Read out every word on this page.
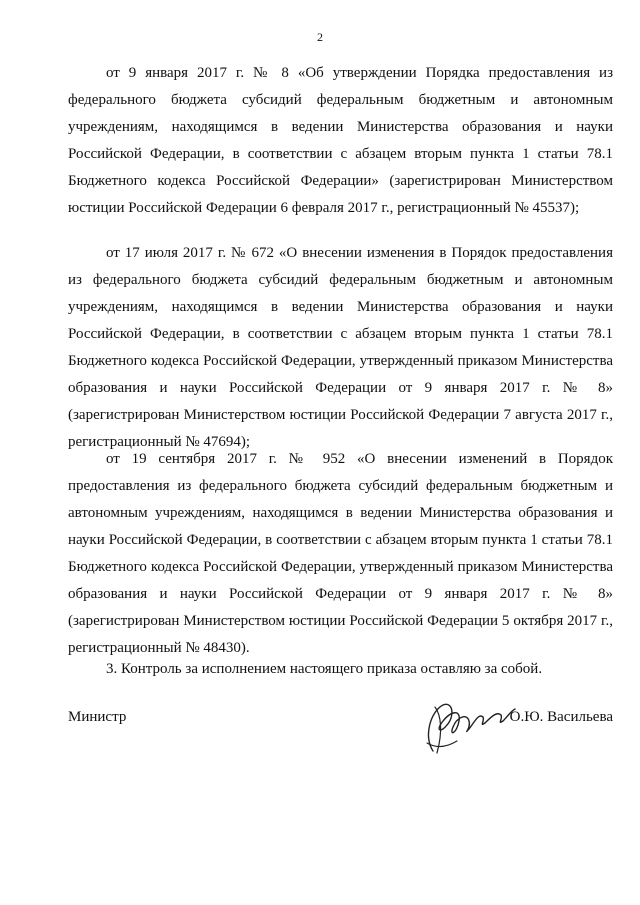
2

от 9 января 2017 г. № 8 «Об утверждении Порядка предоставления из федерального бюджета субсидий федеральным бюджетным и автономным учреждениям, находящимся в ведении Министерства образования и науки Российской Федерации, в соответствии с абзацем вторым пункта 1 статьи 78.1 Бюджетного кодекса Российской Федерации» (зарегистрирован Министерством юстиции Российской Федерации 6 февраля 2017 г., регистрационный № 45537);

от 17 июля 2017 г. № 672 «О внесении изменения в Порядок предоставления из федерального бюджета субсидий федеральным бюджетным и автономным учреждениям, находящимся в ведении Министерства образования и науки Российской Федерации, в соответствии с абзацем вторым пункта 1 статьи 78.1 Бюджетного кодекса Российской Федерации, утвержденный приказом Министерства образования и науки Российской Федерации от 9 января 2017 г. № 8» (зарегистрирован Министерством юстиции Российской Федерации 7 августа 2017 г., регистрационный № 47694);

от 19 сентября 2017 г. № 952 «О внесении изменений в Порядок предоставления из федерального бюджета субсидий федеральным бюджетным и автономным учреждениям, находящимся в ведении Министерства образования и науки Российской Федерации, в соответствии с абзацем вторым пункта 1 статьи 78.1 Бюджетного кодекса Российской Федерации, утвержденный приказом Министерства образования и науки Российской Федерации от 9 января 2017 г. № 8» (зарегистрирован Министерством юстиции Российской Федерации 5 октября 2017 г., регистрационный № 48430).

3. Контроль за исполнением настоящего приказа оставляю за собой.

Министр	О.Ю. Васильева
